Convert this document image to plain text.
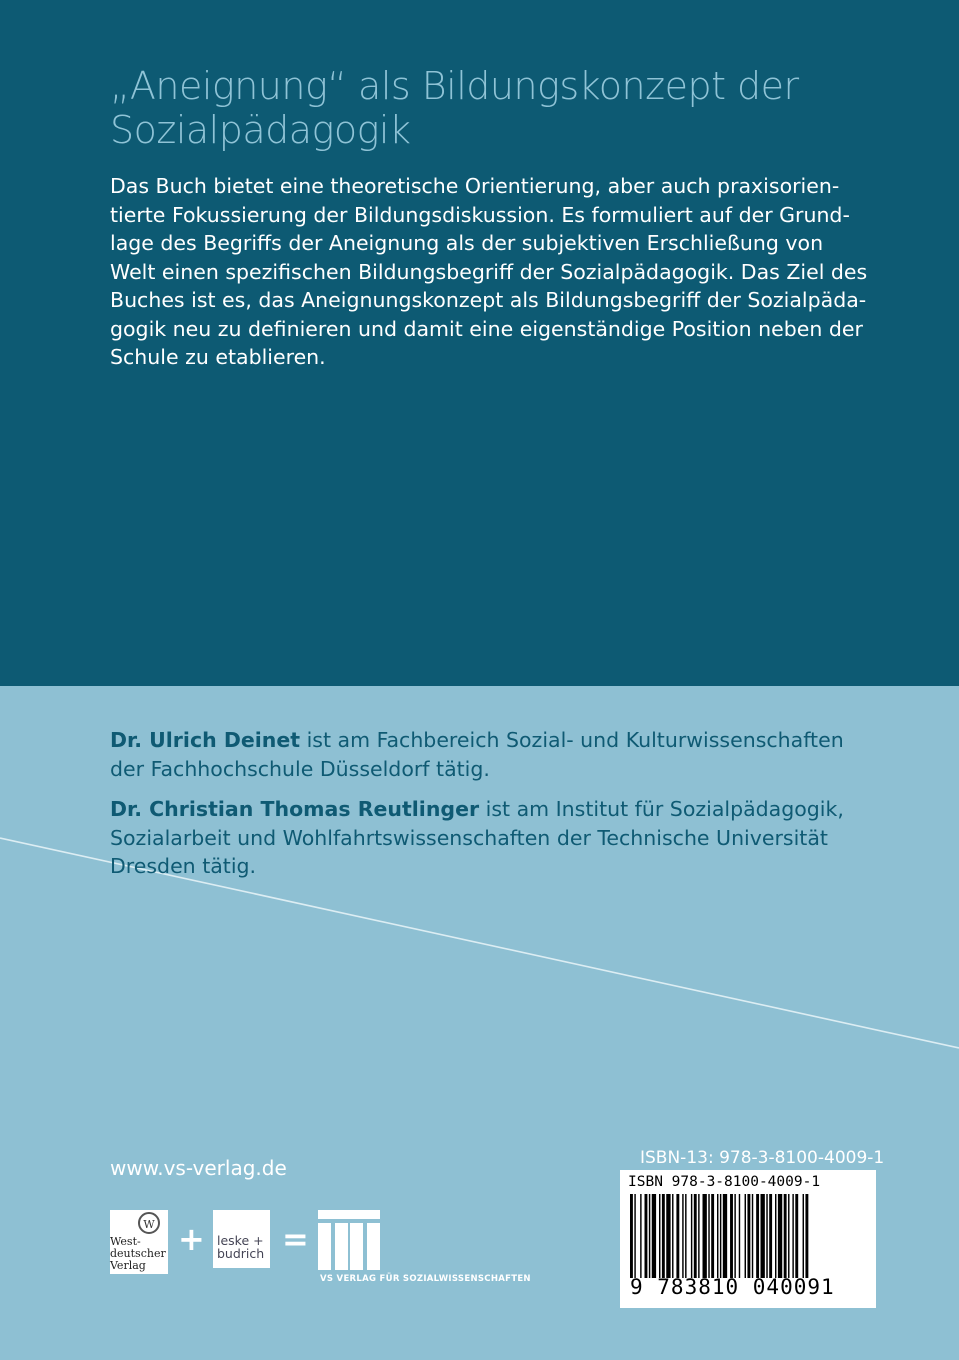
„Aneignung“ als Bildungskonzept der
Sozialpädagogik
Das Buch bietet eine theoretische Orientierung, aber auch praxisorien-
tierte Fokussierung der Bildungsdiskussion. Es formuliert auf der Grund-
lage des Begriffs der Aneignung als der subjektiven Erschließung von
Welt einen spezifischen Bildungsbegriff der Sozialpädagogik. Das Ziel des
Buches ist es, das Aneignungskonzept als Bildungsbegriff der Sozialpäda-
gogik neu zu definieren und damit eine eigenständige Position neben der
Schule zu etablieren.
Dr. Ulrich Deinet ist am Fachbereich Sozial- und Kulturwissenschaften
der Fachhochschule Düsseldorf tätig.
Dr. Christian Thomas Reutlinger ist am Institut für Sozialpädagogik,
Sozialarbeit und Wohlfahrtswissenschaften der Technische Universität
Dresden tätig.
www.vs-verlag.de
W
West-
deutscher
Verlag
+ leske +
budrich =
VS VERLAG FÜR SOZIALWISSENSCHAFTEN
ISBN-13: 978-3-8100-4009-1
ISBN 978-3-8100-4009-1
9 783810 040091
